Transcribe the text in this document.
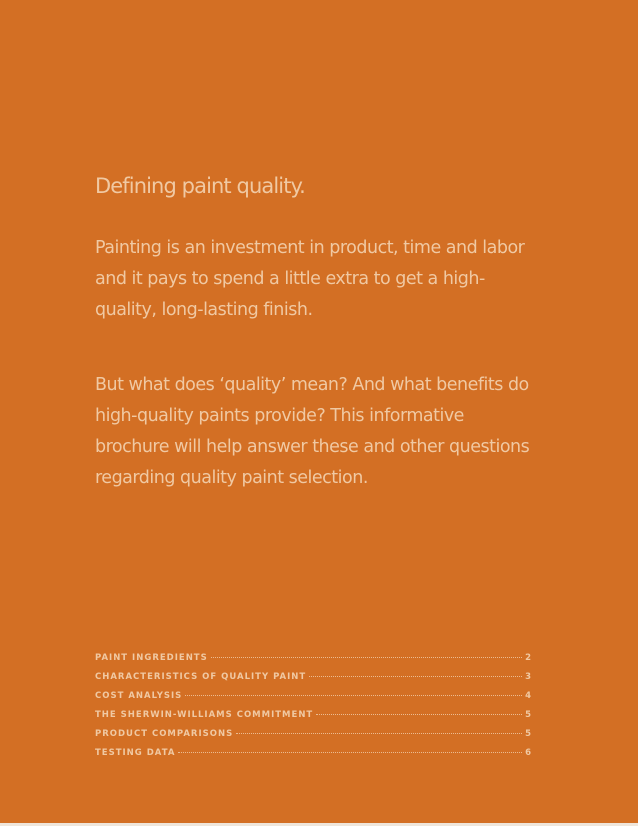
Defining paint quality.

Painting is an investment in product, time and labor and it pays to spend a little extra to get a high-quality, long-lasting finish.

But what does ‘quality’ mean? And what benefits do high-quality paints provide? This informative brochure will help answer these and other questions regarding quality paint selection.

PAINT INGREDIENTS	2
CHARACTERISTICS OF QUALITY PAINT	3
COST ANALYSIS	4
THE SHERWIN-WILLIAMS COMMITMENT	5
PRODUCT COMPARISONS	5
TESTING DATA	6
